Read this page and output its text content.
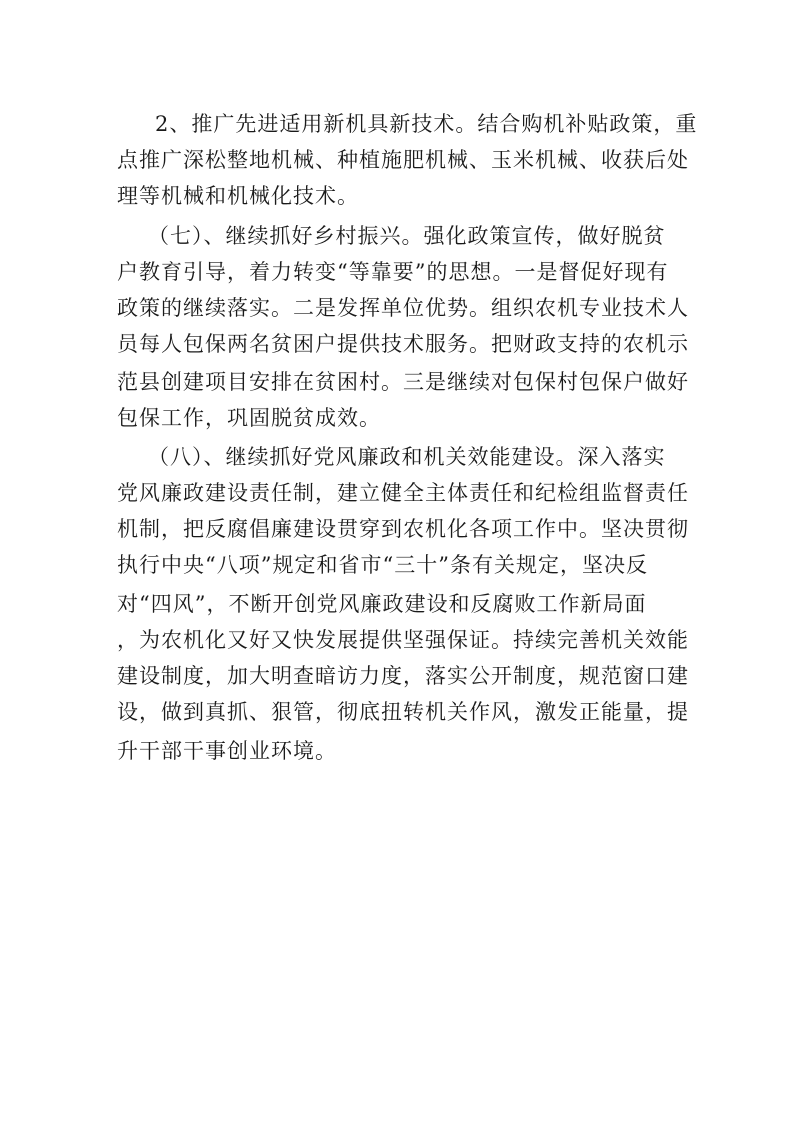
2、推广先进适用新机具新技术。结合购机补贴政策，重
点推广深松整地机械、种植施肥机械、玉米机械、收获后处
理等机械和机械化技术。
（七）、继续抓好乡村振兴。强化政策宣传，做好脱贫
户教育引导，着力转变“等靠要”的思想。一是督促好现有
政策的继续落实。二是发挥单位优势。组织农机专业技术人
员每人包保两名贫困户提供技术服务。把财政支持的农机示
范县创建项目安排在贫困村。三是继续对包保村包保户做好
包保工作，巩固脱贫成效。
（八）、继续抓好党风廉政和机关效能建设。深入落实
党风廉政建设责任制，建立健全主体责任和纪检组监督责任
机制，把反腐倡廉建设贯穿到农机化各项工作中。坚决贯彻
执行中央“八项”规定和省市“三十”条有关规定，坚决反
对“四风”，不断开创党风廉政建设和反腐败工作新局面
，为农机化又好又快发展提供坚强保证。持续完善机关效能
建设制度，加大明查暗访力度，落实公开制度，规范窗口建
设，做到真抓、狠管，彻底扭转机关作风，激发正能量，提
升干部干事创业环境。
